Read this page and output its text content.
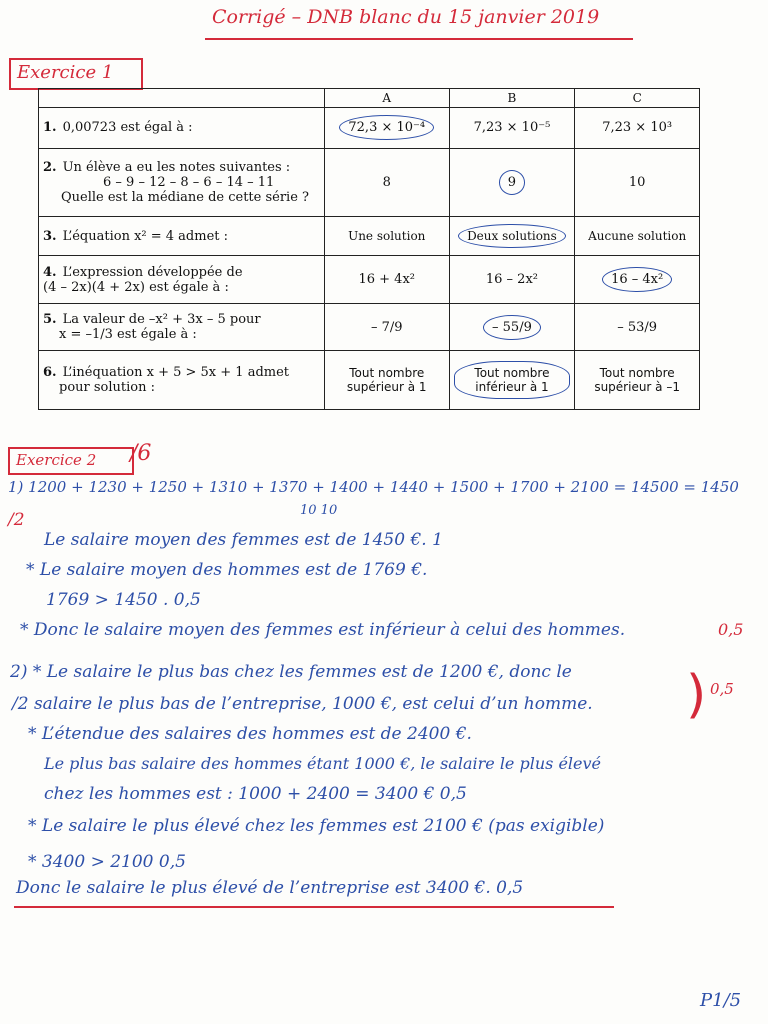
Corrigé – DNB blanc du 15 janvier 2019
Exercice 1
	A	B	C
1. 0,00723 est égal à :	72,3 × 10⁻⁴	7,23 × 10⁻⁵	7,23 × 10³
2. Un élève a eu les notes suivantes :
6 – 9 – 12 – 8 – 6 – 14 – 11
Quelle est la médiane de cette série ?	8	9	10
3. L’équation x² = 4 admet :	Une solution	Deux solutions	Aucune solution
4. L’expression développée de
(4 – 2x)(4 + 2x) est égale à :	16 + 4x²	16 – 2x²	16 – 4x²
5. La valeur de –x² + 3x – 5 pour
x = –1/3 est égale à :	– 7/9	– 55/9	– 53/9
6. L’inéquation x + 5 > 5x + 1 admet
pour solution :	Tout nombre supérieur à 1	Tout nombre inférieur à 1	Tout nombre supérieur à –1
Exercice 2	/6
1) 1200 + 1230 + 1250 + 1310 + 1370 + 1400 + 1440 + 1500 + 1700 + 2100 = 14500 = 1450
10 10
/2
Le salaire moyen des femmes est de 1450 €. 1
* Le salaire moyen des hommes est de 1769 €.
1769 > 1450 . 0,5
* Donc le salaire moyen des femmes est inférieur à celui des hommes.	0,5
2) * Le salaire le plus bas chez les femmes est de 1200 €, donc le
/2 salaire le plus bas de l’entreprise, 1000 €, est celui d’un homme. ) 0,5
* L’étendue des salaires des hommes est de 2400 €.
Le plus bas salaire des hommes étant 1000 €, le salaire le plus élevé
chez les hommes est : 1000 + 2400 = 3400 € 0,5
* Le salaire le plus élevé chez les femmes est 2100 € (pas exigible)
* 3400 > 2100 0,5
Donc le salaire le plus élevé de l’entreprise est 3400 €. 0,5
P1/5
